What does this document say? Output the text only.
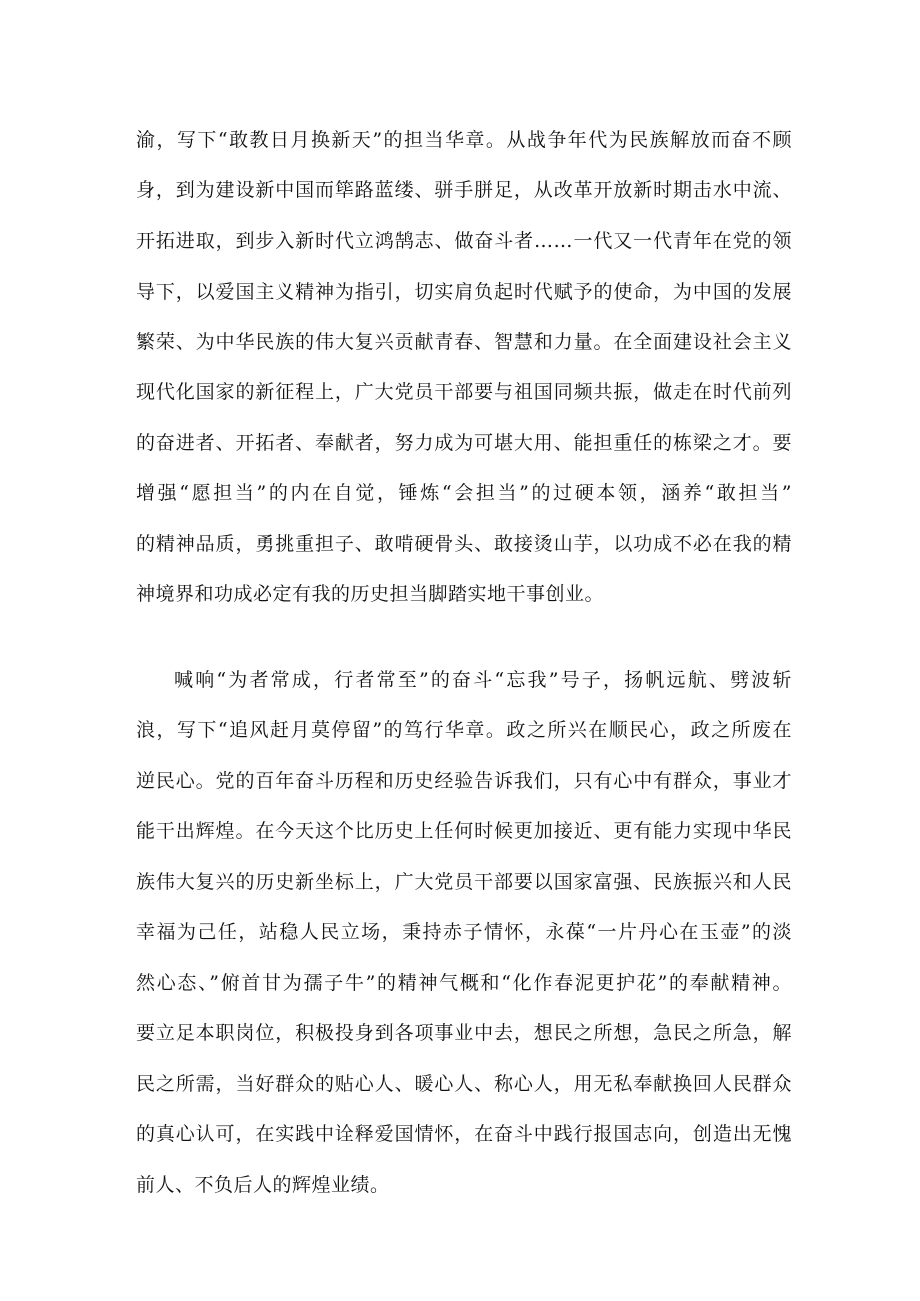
渝，写下“敢教日月换新天”的担当华章。从战争年代为民族解放而奋不顾
身，到为建设新中国而筚路蓝缕、骈手胼足，从改革开放新时期击水中流、
开拓进取，到步入新时代立鸿鹄志、做奋斗者……一代又一代青年在党的领
导下，以爱国主义精神为指引，切实肩负起时代赋予的使命，为中国的发展
繁荣、为中华民族的伟大复兴贡献青春、智慧和力量。在全面建设社会主义
现代化国家的新征程上，广大党员干部要与祖国同频共振，做走在时代前列
的奋进者、开拓者、奉献者，努力成为可堪大用、能担重任的栋梁之才。要
增强“愿担当”的内在自觉，锤炼“会担当”的过硬本领，涵养“敢担当”
的精神品质，勇挑重担子、敢啃硬骨头、敢接烫山芋，以功成不必在我的精
神境界和功成必定有我的历史担当脚踏实地干事创业。
喊响“为者常成，行者常至”的奋斗“忘我”号子，扬帆远航、劈波斩
浪，写下“追风赶月莫停留”的笃行华章。政之所兴在顺民心，政之所废在
逆民心。党的百年奋斗历程和历史经验告诉我们，只有心中有群众，事业才
能干出辉煌。在今天这个比历史上任何时候更加接近、更有能力实现中华民
族伟大复兴的历史新坐标上，广大党员干部要以国家富强、民族振兴和人民
幸福为己任，站稳人民立场，秉持赤子情怀，永葆“一片丹心在玉壶”的淡
然心态、”俯首甘为孺子牛”的精神气概和“化作春泥更护花”的奉献精神。
要立足本职岗位，积极投身到各项事业中去，想民之所想，急民之所急，解
民之所需，当好群众的贴心人、暖心人、称心人，用无私奉献换回人民群众
的真心认可，在实践中诠释爱国情怀，在奋斗中践行报国志向，创造出无愧
前人、不负后人的辉煌业绩。
